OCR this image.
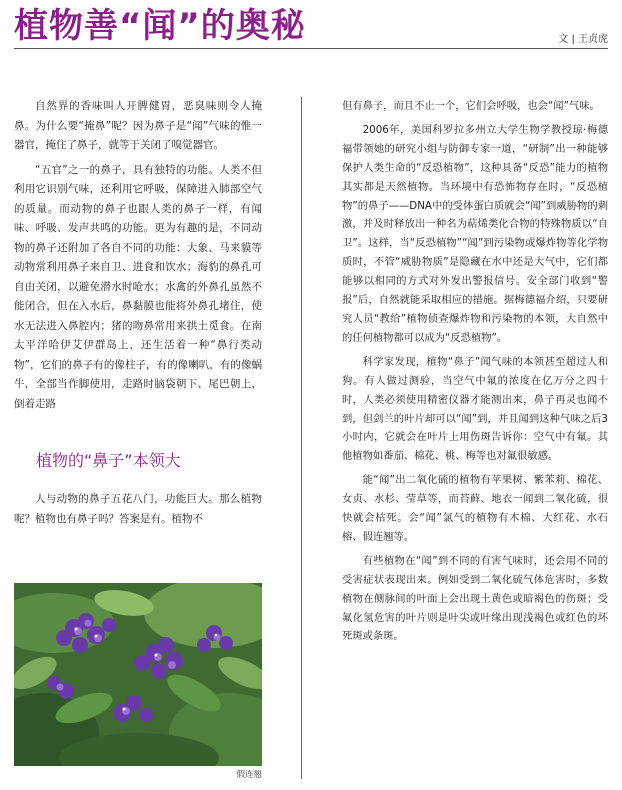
植物善“闻”的奥秘	文 | 王贞虎

自然界的香味叫人开脾健胃，恶臭味则令人掩鼻。为什么要“掩鼻”呢？因为鼻子是“闻”气味的惟一器官，掩住了鼻子，就等于关闭了嗅觉器官。

“五官”之一的鼻子，具有独特的功能。人类不但利用它识别气味，还利用它呼吸，保障进入肺部空气的质量。而动物的鼻子也跟人类的鼻子一样，有闻味、呼吸、发声共鸣的功能。更为有趣的是，不同动物的鼻子还附加了各自不同的功能：大象、马来貘等动物常利用鼻子来自卫、进食和饮水；海豹的鼻孔可自由关闭，以避免潜水时呛水；水禽的外鼻孔虽然不能闭合，但在入水后，鼻黏膜也能将外鼻孔堵住，使水无法进入鼻腔内；猪的吻鼻常用来拱土觅食。在南太平洋哈伊艾伊群岛上，还生活着一种“鼻行类动物”，它们的鼻子有的像柱子，有的像喇叭，有的像蜗牛，全部当作脚使用，走路时脑袋朝下、尾巴朝上，倒着走路

植物的“鼻子”本领大

人与动物的鼻子五花八门，功能巨大。那么植物呢？植物也有鼻子吗？答案是有。植物不

假连翘

但有鼻子，而且不止一个，它们会呼吸，也会“闻”气味。

2006年，美国科罗拉多州立大学生物学教授琼·梅德福带领她的研究小组与防御专家一道，“研制”出一种能够保护人类生命的“反恐植物”，这种具备“反恐”能力的植物其实都是天然植物。当环境中有恐怖物存在时，“反恐植物”的鼻子——DNA中的受体蛋白质就会“闻”到威胁物的刺激，并及时释放出一种名为萜烯类化合物的特殊物质以“自卫”。这样，当“反恐植物”“闻”到污染物或爆炸物等化学物质时，不管“威胁物质”是隐藏在水中还是大气中，它们都能够以相同的方式对外发出警报信号。安全部门收到“警报”后，自然就能采取相应的措施。据梅德福介绍，只要研究人员“教给”植物侦查爆炸物和污染物的本领，大自然中的任何植物都可以成为“反恐植物”。

科学家发现，植物“鼻子”闻气味的本领甚至超过人和狗。有人做过测验，当空气中氟的浓度在亿万分之四十时，人类必须使用精密仪器才能测出来，鼻子再灵也闻不到，但剑兰的叶片却可以“闻”到，并且闻到这种气味之后3小时内，它就会在叶片上用伤斑告诉你：空气中有氟。其他植物如番茄、棉花、桃、梅等也对氟很敏感。

能“闻”出二氧化硫的植物有苹果树、紫苯莉、棉花、女贞、水杉、莹草等，而苔藓、地衣一闻到二氧化硫，很快就会枯死。会“闻”氯气的植物有木棉、大红花、水石榕、假连翘等。

有些植物在“闻”到不同的有害气味时，还会用不同的受害症状表现出来。例如受到二氧化硫气体危害时，多数植物在侧脉间的叶面上会出现土黄色或暗褐色的伤斑；受氟化氢危害的叶片则是叶尖或叶缘出现浅褐色或红色的坏死斑或条斑。
